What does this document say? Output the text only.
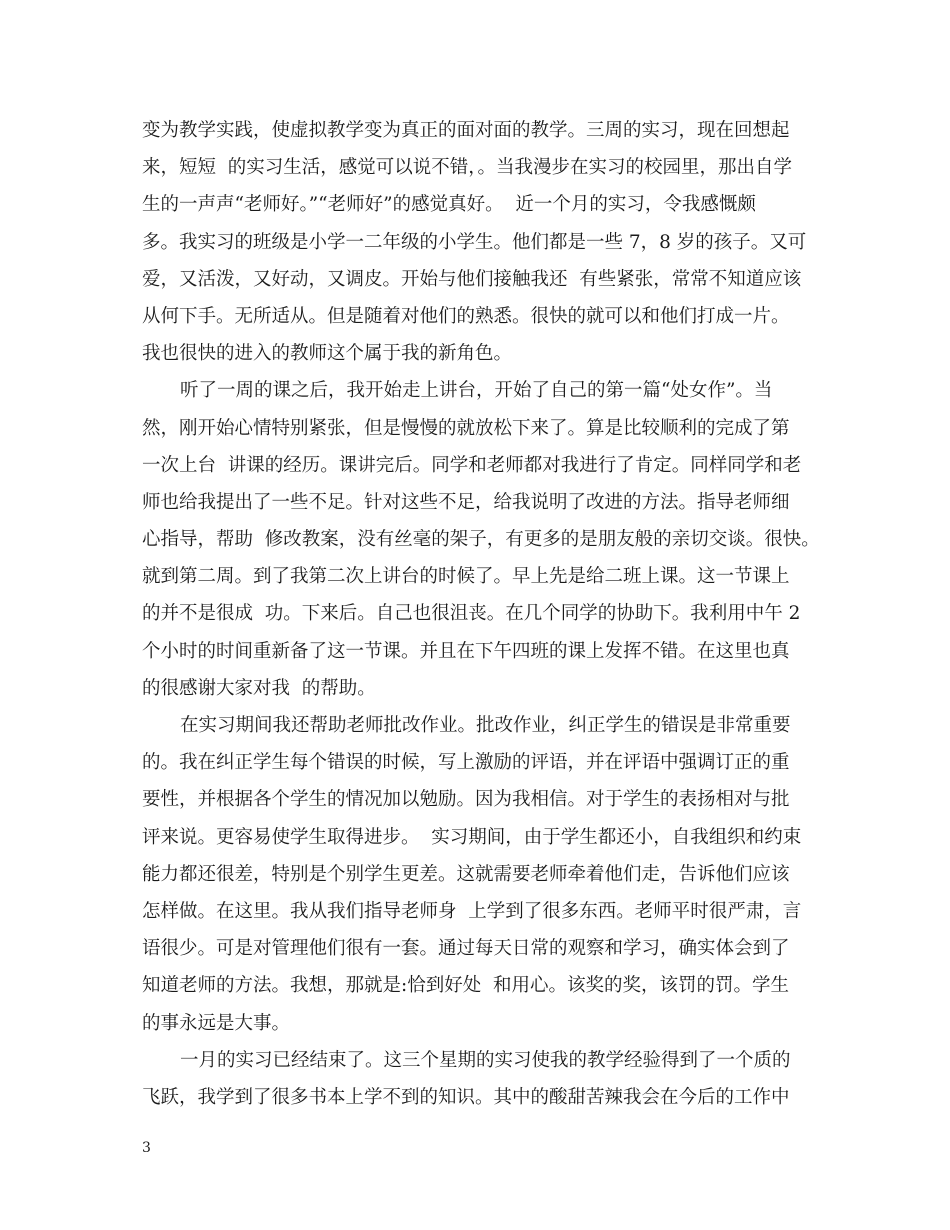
变为教学实践，使虚拟教学变为真正的面对面的教学。三周的实习，现在回想起
来，短短  的实习生活，感觉可以说不错，。当我漫步在实习的校园里，那出自学
生的一声声“老师好。”“老师好”的感觉真好。  近一个月的实习，令我感慨颇
多。我实习的班级是小学一二年级的小学生。他们都是一些 7，8 岁的孩子。又可
爱，又活泼，又好动，又调皮。开始与他们接触我还  有些紧张，常常不知道应该
从何下手。无所适从。但是随着对他们的熟悉。很快的就可以和他们打成一片。
我也很快的进入的教师这个属于我的新角色。
听了一周的课之后，我开始走上讲台，开始了自己的第一篇“处女作”。当
然，刚开始心情特别紧张，但是慢慢的就放松下来了。算是比较顺利的完成了第
一次上台  讲课的经历。课讲完后。同学和老师都对我进行了肯定。同样同学和老
师也给我提出了一些不足。针对这些不足，给我说明了改进的方法。指导老师细
心指导，帮助  修改教案，没有丝毫的架子，有更多的是朋友般的亲切交谈。很快。
就到第二周。到了我第二次上讲台的时候了。早上先是给二班上课。这一节课上
的并不是很成  功。下来后。自己也很沮丧。在几个同学的协助下。我利用中午 2
个小时的时间重新备了这一节课。并且在下午四班的课上发挥不错。在这里也真
的很感谢大家对我  的帮助。
在实习期间我还帮助老师批改作业。批改作业，纠正学生的错误是非常重要
的。我在纠正学生每个错误的时候，写上激励的评语，并在评语中强调订正的重
要性，并根据各个学生的情况加以勉励。因为我相信。对于学生的表扬相对与批
评来说。更容易使学生取得进步。  实习期间，由于学生都还小，自我组织和约束
能力都还很差，特别是个别学生更差。这就需要老师牵着他们走，告诉他们应该
怎样做。在这里。我从我们指导老师身  上学到了很多东西。老师平时很严肃，言
语很少。可是对管理他们很有一套。通过每天日常的观察和学习，确实体会到了
知道老师的方法。我想，那就是:恰到好处  和用心。该奖的奖，该罚的罚。学生
的事永远是大事。
一月的实习已经结束了。这三个星期的实习使我的教学经验得到了一个质的
飞跃，我学到了很多书本上学不到的知识。其中的酸甜苦辣我会在今后的工作中
3
